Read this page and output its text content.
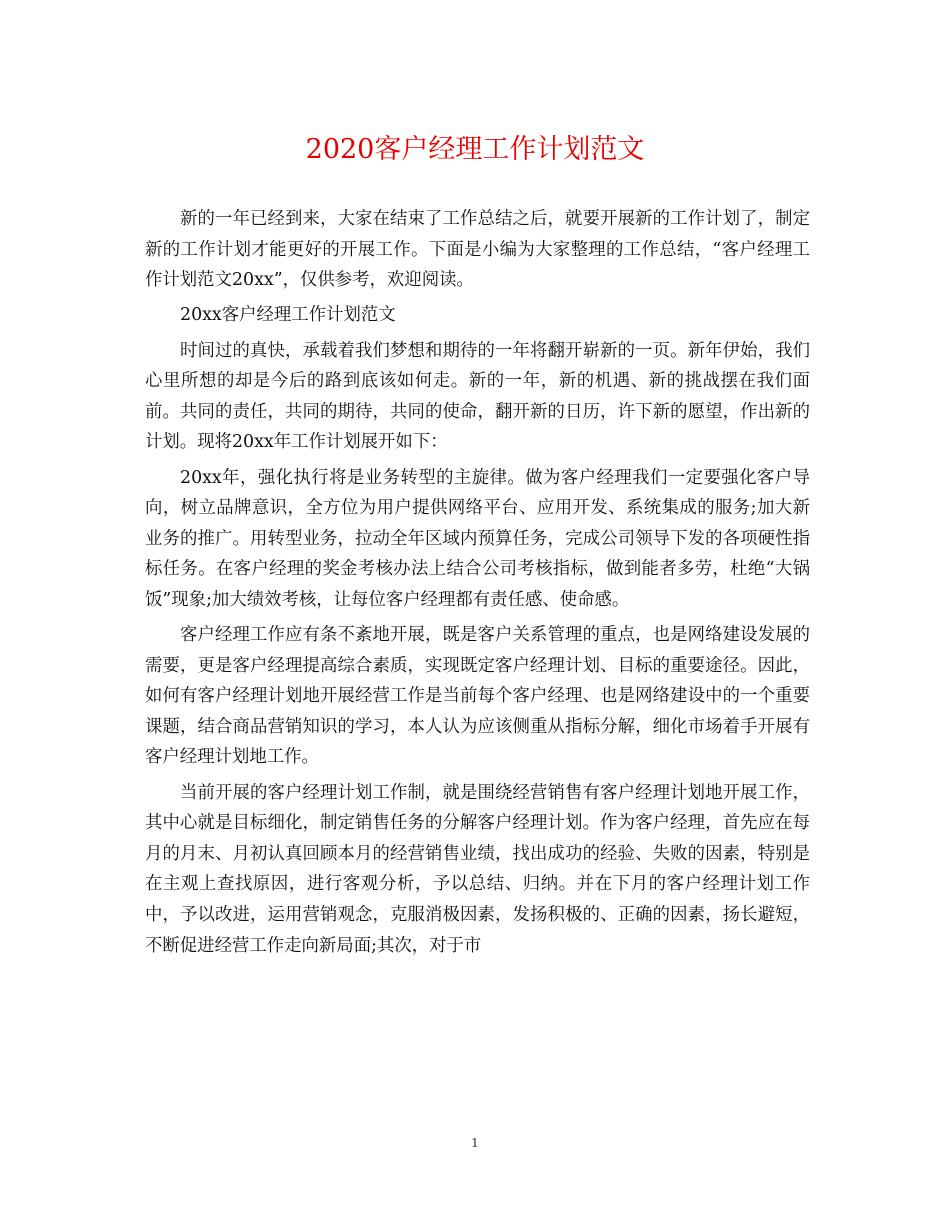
2020客户经理工作计划范文

新的一年已经到来，大家在结束了工作总结之后，就要开展新的工作计划了，制定新的工作计划才能更好的开展工作。下面是小编为大家整理的工作总结，“客户经理工作计划范文20xx”，仅供参考，欢迎阅读。

20xx客户经理工作计划范文

时间过的真快，承载着我们梦想和期待的一年将翻开崭新的一页。新年伊始，我们心里所想的却是今后的路到底该如何走。新的一年，新的机遇、新的挑战摆在我们面前。共同的责任，共同的期待，共同的使命，翻开新的日历，许下新的愿望，作出新的计划。现将20xx年工作计划展开如下：

20xx年，强化执行将是业务转型的主旋律。做为客户经理我们一定要强化客户导向，树立品牌意识，全方位为用户提供网络平台、应用开发、系统集成的服务;加大新业务的推广。用转型业务，拉动全年区域内预算任务，完成公司领导下发的各项硬性指标任务。在客户经理的奖金考核办法上结合公司考核指标，做到能者多劳，杜绝“大锅饭”现象;加大绩效考核，让每位客户经理都有责任感、使命感。

客户经理工作应有条不紊地开展，既是客户关系管理的重点，也是网络建设发展的需要，更是客户经理提高综合素质，实现既定客户经理计划、目标的重要途径。因此，如何有客户经理计划地开展经营工作是当前每个客户经理、也是网络建设中的一个重要课题，结合商品营销知识的学习，本人认为应该侧重从指标分解，细化市场着手开展有客户经理计划地工作。

当前开展的客户经理计划工作制，就是围绕经营销售有客户经理计划地开展工作，其中心就是目标细化，制定销售任务的分解客户经理计划。作为客户经理，首先应在每月的月末、月初认真回顾本月的经营销售业绩，找出成功的经验、失败的因素，特别是在主观上查找原因，进行客观分析，予以总结、归纳。并在下月的客户经理计划工作中，予以改进，运用营销观念，克服消极因素，发扬积极的、正确的因素，扬长避短，不断促进经营工作走向新局面;其次，对于市

1
